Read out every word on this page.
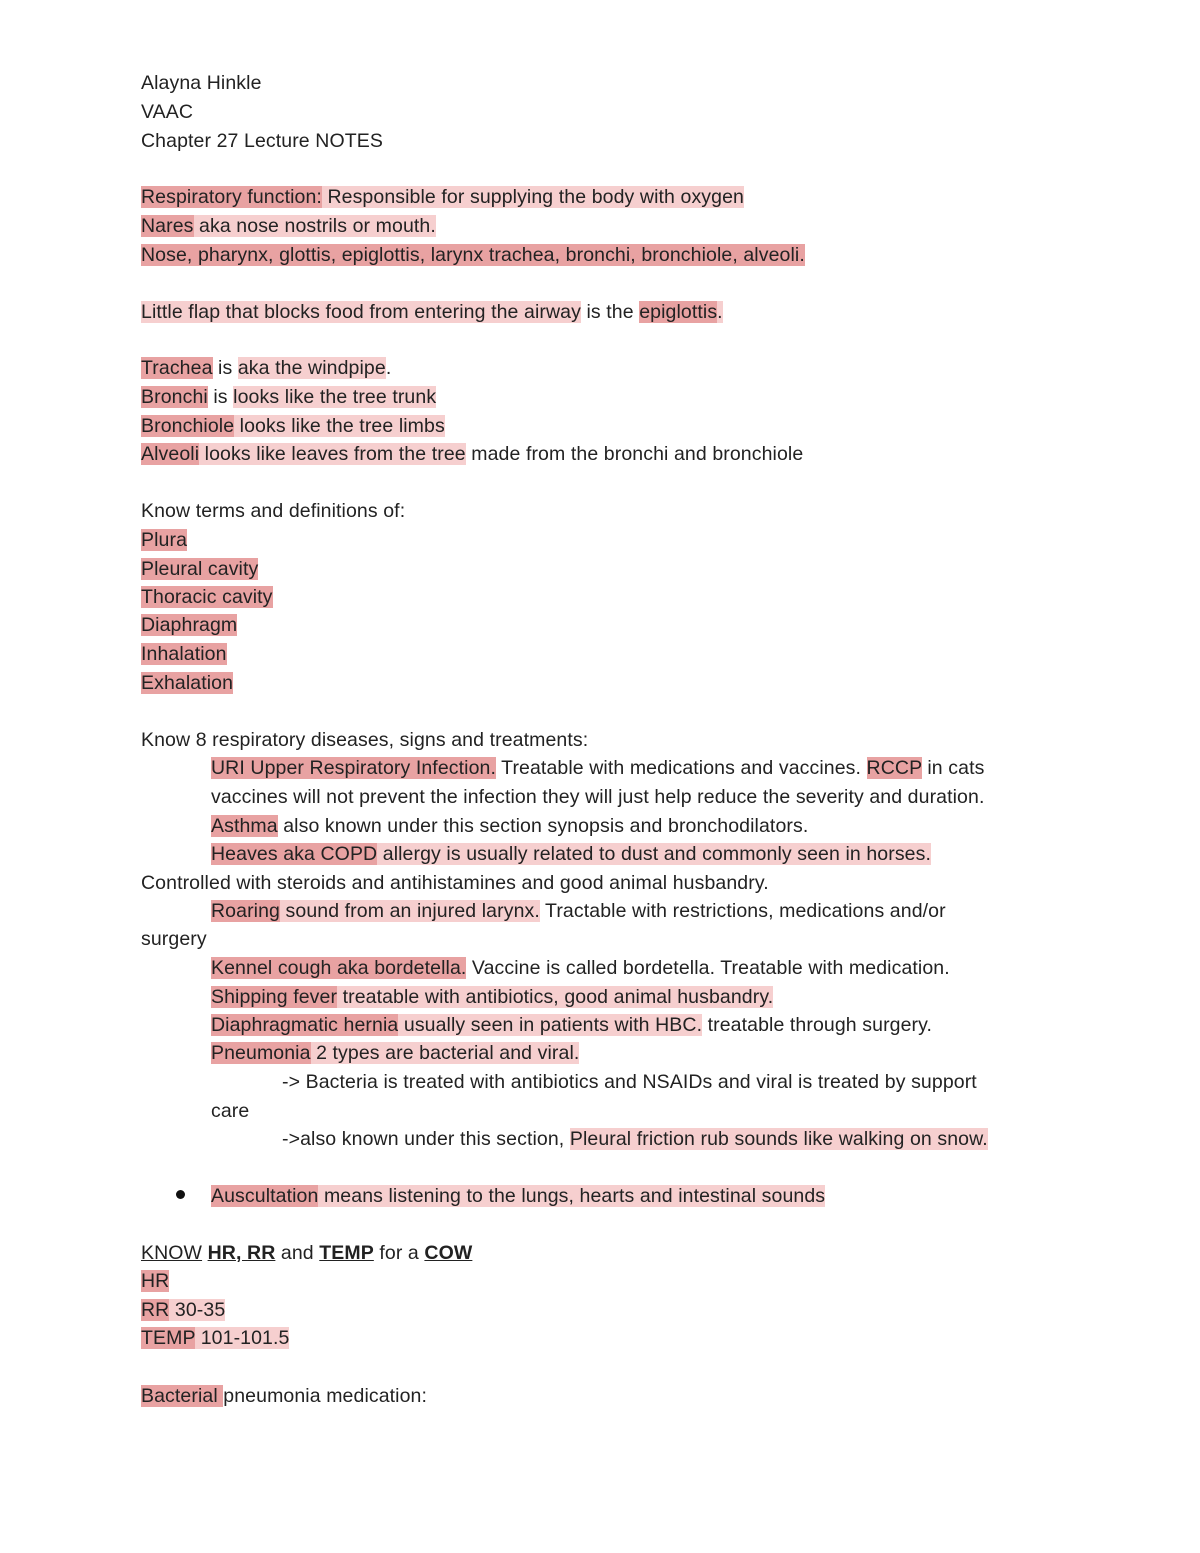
Alayna Hinkle
VAAC
Chapter 27 Lecture NOTES
Respiratory function: Responsible for supplying the body with oxygen
Nares aka nose nostrils or mouth.
Nose, pharynx, glottis, epiglottis, larynx trachea, bronchi, bronchiole, alveoli.
Little flap that blocks food from entering the airway is the epiglottis.
Trachea is aka the windpipe.
Bronchi is looks like the tree trunk
Bronchiole looks like the tree limbs
Alveoli looks like leaves from the tree made from the bronchi and bronchiole
Know terms and definitions of:
Plura
Pleural cavity
Thoracic cavity
Diaphragm
Inhalation
Exhalation
Know 8 respiratory diseases, signs and treatments:
URI Upper Respiratory Infection. Treatable with medications and vaccines. RCCP in cats
vaccines will not prevent the infection they will just help reduce the severity and duration.
Asthma also known under this section synopsis and bronchodilators.
Heaves aka COPD allergy is usually related to dust and commonly seen in horses.
Controlled with steroids and antihistamines and good animal husbandry.
Roaring sound from an injured larynx. Tractable with restrictions, medications and/or
surgery
Kennel cough aka bordetella. Vaccine is called bordetella. Treatable with medication.
Shipping fever treatable with antibiotics, good animal husbandry.
Diaphragmatic hernia usually seen in patients with HBC. treatable through surgery.
Pneumonia 2 types are bacterial and viral.
-> Bacteria is treated with antibiotics and NSAIDs and viral is treated by support
care
->also known under this section, Pleural friction rub sounds like walking on snow.
Auscultation means listening to the lungs, hearts and intestinal sounds
KNOW HR, RR and TEMP for a COW
HR
RR 30-35
TEMP 101-101.5
Bacterial pneumonia medication:
